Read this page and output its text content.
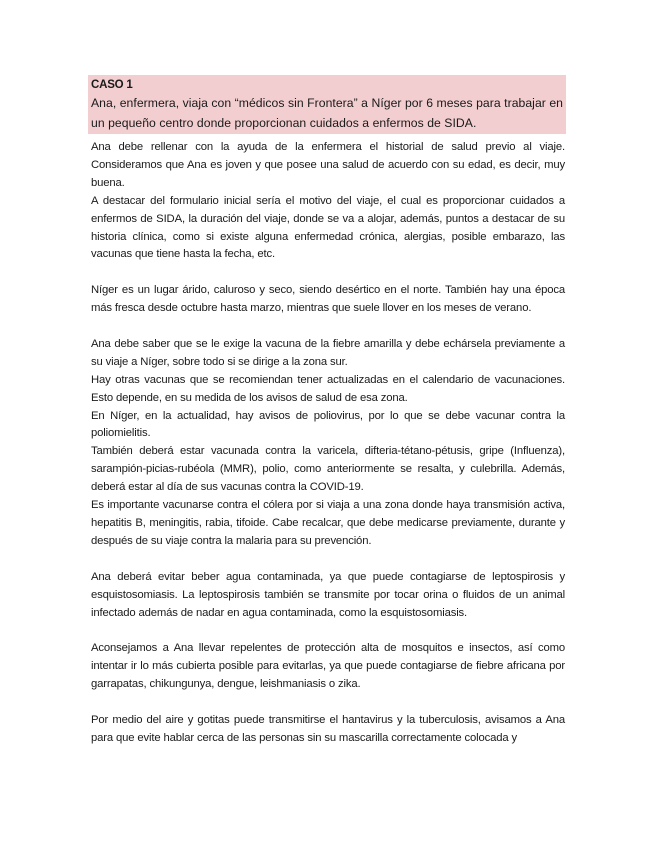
CASO 1

Ana, enfermera, viaja con “médicos sin Frontera” a Níger por 6 meses para trabajar en un pequeño centro donde proporcionan cuidados a enfermos de SIDA.

Ana debe rellenar con la ayuda de la enfermera el historial de salud previo al viaje. Consideramos que Ana es joven y que posee una salud de acuerdo con su edad, es decir, muy buena.

A destacar del formulario inicial sería el motivo del viaje, el cual es proporcionar cuidados a enfermos de SIDA, la duración del viaje, donde se va a alojar, además, puntos a destacar de su historia clínica, como si existe alguna enfermedad crónica, alergias, posible embarazo, las vacunas que tiene hasta la fecha, etc.

Níger es un lugar árido, caluroso y seco, siendo desértico en el norte. También hay una época más fresca desde octubre hasta marzo, mientras que suele llover en los meses de verano.

Ana debe saber que se le exige la vacuna de la fiebre amarilla y debe echársela previamente a su viaje a Níger, sobre todo si se dirige a la zona sur.

Hay otras vacunas que se recomiendan tener actualizadas en el calendario de vacunaciones. Esto depende, en su medida de los avisos de salud de esa zona.

En Níger, en la actualidad, hay avisos de poliovirus, por lo que se debe vacunar contra la poliomielitis.

También deberá estar vacunada contra la varicela, difteria-tétano-pétusis, gripe (Influenza), sarampión-picias-rubéola (MMR), polio, como anteriormente se resalta, y culebrilla. Además, deberá estar al día de sus vacunas contra la COVID-19.

Es importante vacunarse contra el cólera por si viaja a una zona donde haya transmisión activa, hepatitis B, meningitis, rabia, tifoide. Cabe recalcar, que debe medicarse previamente, durante y después de su viaje contra la malaria para su prevención.

Ana deberá evitar beber agua contaminada, ya que puede contagiarse de leptospirosis y esquistosomiasis. La leptospirosis también se transmite por tocar orina o fluidos de un animal infectado además de nadar en agua contaminada, como la esquistosomiasis.

Aconsejamos a Ana llevar repelentes de protección alta de mosquitos e insectos, así como intentar ir lo más cubierta posible para evitarlas, ya que puede contagiarse de fiebre africana por garrapatas, chikungunya, dengue, leishmaniasis o zika.

Por medio del aire y gotitas puede transmitirse el hantavirus y la tuberculosis, avisamos a Ana para que evite hablar cerca de las personas sin su mascarilla correctamente colocada y
